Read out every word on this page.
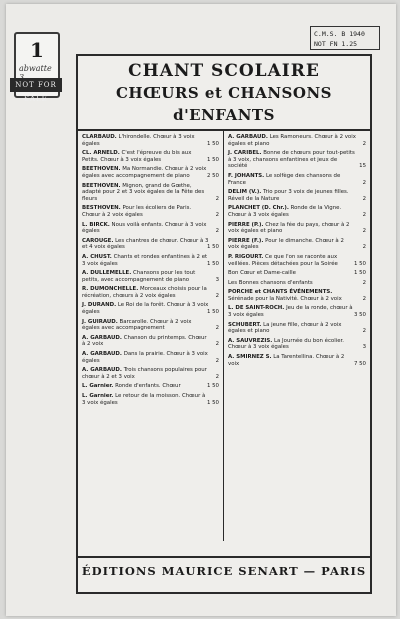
1
abwatte
NOT FOR SALE
C.M.S. B 1940
NOT FN 1.25
CHANT SCOLAIRE
CHŒURS et CHANSONS d'ENFANTS
CLARBAUD. L'hirondelle. Chœur à 3 voix égales	1 50
CL. ARNELD. C'est l'épreuve du bis aux Petits. Chœur à 3 voix égales	1 50
BEETHOVEN. Ma Normandie. Chœur à 2 voix égales avec accompagnement de piano	2 50
BEETHOVEN. Mignon, grand de Gœthe, adapté pour 2 et 3 voix égales de la Fête des fleurs	2
BESTHOVEN. Pour les écoliers de Paris. Chœur à 2 voix égales	2
L. BIRCK. Nous voilà enfants. Chœur à 3 voix égales	2
CAROUGE. Les chantres de chœur. Chœur à 3 et 4 voix égales	1 50
A. CHUST. Chants et rondes enfantines à 2 et 3 voix égales	1 50
A. DULLEMELLE. Chansons pour les tout petits, avec accompagnement de piano	3
R. DUMONCHELLE. Morceaux choisis pour la récréation, chœurs à 2 voix égales	2
J. DURAND. Le Roi de la forêt. Chœur à 3 voix égales	1 50
J. GUIRAUD. Barcarolle. Chœur à 2 voix égales avec accompagnement	2
A. GARBAUD. Chanson du printemps. Chœur à 2 voix	2
A. GARBAUD. Dans la prairie. Chœur à 3 voix égales	2
A. GARBAUD. Trois chansons populaires pour chœur à 2 et 3 voix	2
L. Garnier. Ronde d'enfants. Chœur	1 50
L. Garnier. Le retour de la moisson. Chœur à 3 voix égales	1 50
A. GARBAUD. Les Ramoneurs. Chœur à 2 voix égales et piano	2
J. CARIBEL. Bonne de chœurs pour tout-petits à 3 voix, chansons enfantines et jeux de société	15
F. JOHANTS. Le solfège des chansons de France	2
DELIM (V.). Trio pour 3 voix de jeunes filles. Réveil de la Nature	2
PLANCHET (D. Chr.). Ronde de la Vigne. Chœur à 3 voix égales	2
PIERRE (P.). Chez la fée du pays, chœur à 2 voix égales et piano	2
PIERRE (F.). Pour le dimanche. Chœur à 2 voix égales	2
P. RIGOURT. Ce que l'on se raconte aux veillées. Pièces détachées pour la Soirée	1 50
Bon Cœur et Dame-caille	1 50
Les Bonnes chansons d'enfants	2
PORCHE et CHANTS ÉVÉNEMENTS. Sérénade pour la Nativité. Chœur à 2 voix	2
L. DE SAINT-ROCH. Jeu de la ronde, chœur à 3 voix égales	3 50
SCHUBERT. La jeune fille, chœur à 2 voix égales et piano	2
A. SAUVREZIS. La Journée du bon écolier. Chœur à 3 voix égales	3
A. SMIRNEZ S. La Tarentellina. Chœur à 2 voix	7 50
ÉDITIONS MAURICE SENART — PARIS
